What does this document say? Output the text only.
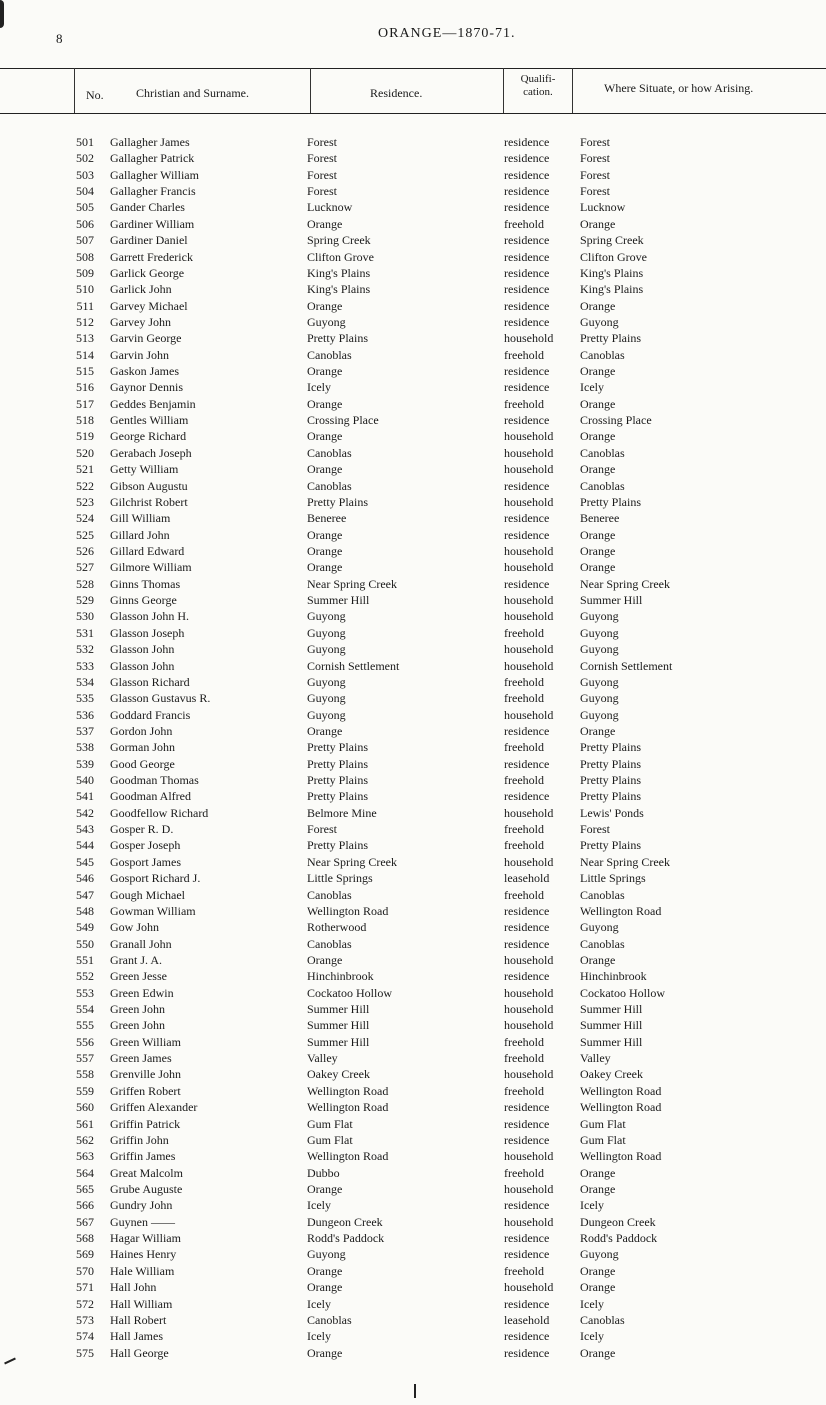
8	ORANGE—1870-71.
No.	Christian and Surname.	Residence.
Qualifi-
cation.	Where Situate, or how Arising.
501 Gallagher James	Forest	residence	Forest
502 Gallagher Patrick	Forest	residence	Forest
503 Gallagher William	Forest	residence	Forest
504 Gallagher Francis	Forest	residence	Forest
505 Gander Charles	Lucknow	residence	Lucknow
506 Gardiner William	Orange	freehold	Orange
507 Gardiner Daniel	Spring Creek	residence	Spring Creek
508 Garrett Frederick	Clifton Grove	residence	Clifton Grove
509 Garlick George	King's Plains	residence	King's Plains
510 Garlick John	King's Plains	residence	King's Plains
511 Garvey Michael	Orange	residence	Orange
512 Garvey John	Guyong	residence	Guyong
513 Garvin George	Pretty Plains	household Pretty Plains
514 Garvin John	Canoblas	freehold	Canoblas
515 Gaskon James	Orange	residence	Orange
516 Gaynor Dennis	Icely	residence	Icely
517 Geddes Benjamin	Orange	freehold	Orange
518 Gentles William	Crossing Place	residence	Crossing Place
519 George Richard	Orange	household Orange
520 Gerabach Joseph	Canoblas	household Canoblas
521 Getty William	Orange	household Orange
522 Gibson Augustu	Canoblas	residence	Canoblas
523 Gilchrist Robert	Pretty Plains	household Pretty Plains
524 Gill William	Beneree	residence	Beneree
525 Gillard John	Orange	residence	Orange
526 Gillard Edward	Orange	household Orange
527 Gilmore William	Orange	household Orange
528 Ginns Thomas	Near Spring Creek	residence	Near Spring Creek
529 Ginns George	Summer Hill	household Summer Hill
530 Glasson John H.	Guyong	household Guyong
531 Glasson Joseph	Guyong	freehold	Guyong
532 Glasson John	Guyong	household Guyong
533 Glasson John	Cornish Settlement	household Cornish Settlement
534 Glasson Richard	Guyong	freehold	Guyong
535 Glasson Gustavus R.	Guyong	freehold	Guyong
536 Goddard Francis	Guyong	household Guyong
537 Gordon John	Orange	residence	Orange
538 Gorman John	Pretty Plains	freehold	Pretty Plains
539 Good George	Pretty Plains	residence	Pretty Plains
540 Goodman Thomas	Pretty Plains	freehold	Pretty Plains
541 Goodman Alfred	Pretty Plains	residence	Pretty Plains
542 Goodfellow Richard	Belmore Mine	household Lewis' Ponds
543 Gosper R. D.	Forest	freehold	Forest
544 Gosper Joseph	Pretty Plains	freehold	Pretty Plains
545 Gosport James	Near Spring Creek	household Near Spring Creek
546 Gosport Richard J.	Little Springs	leasehold	Little Springs
547 Gough Michael	Canoblas	freehold	Canoblas
548 Gowman William	Wellington Road	residence	Wellington Road
549 Gow John	Rotherwood	residence	Guyong
550 Granall John	Canoblas	residence	Canoblas
551 Grant J. A.	Orange	household Orange
552 Green Jesse	Hinchinbrook	residence	Hinchinbrook
553 Green Edwin	Cockatoo Hollow	household Cockatoo Hollow
554 Green John	Summer Hill	household Summer Hill
555 Green John	Summer Hill	household Summer Hill
556 Green William	Summer Hill	freehold	Summer Hill
557 Green James	Valley	freehold	Valley
558 Grenville John	Oakey Creek	household Oakey Creek
559 Griffen Robert	Wellington Road	freehold	Wellington Road
560 Griffen Alexander	Wellington Road	residence	Wellington Road
561 Griffin Patrick	Gum Flat	residence	Gum Flat
562 Griffin John	Gum Flat	residence	Gum Flat
563 Griffin James	Wellington Road	household Wellington Road
564 Great Malcolm	Dubbo	freehold	Orange
565 Grube Auguste	Orange	household Orange
566 Gundry John	Icely	residence	Icely
567 Guynen ——	Dungeon Creek	household Dungeon Creek
568 Hagar William	Rodd's Paddock	residence	Rodd's Paddock
569 Haines Henry	Guyong	residence	Guyong
570 Hale William	Orange	freehold	Orange
571 Hall John	Orange	household Orange
572 Hall William	Icely	residence	Icely
573 Hall Robert	Canoblas	leasehold	Canoblas
574 Hall James	Icely	residence	Icely
575 Hall George	Orange	residence	Orange
